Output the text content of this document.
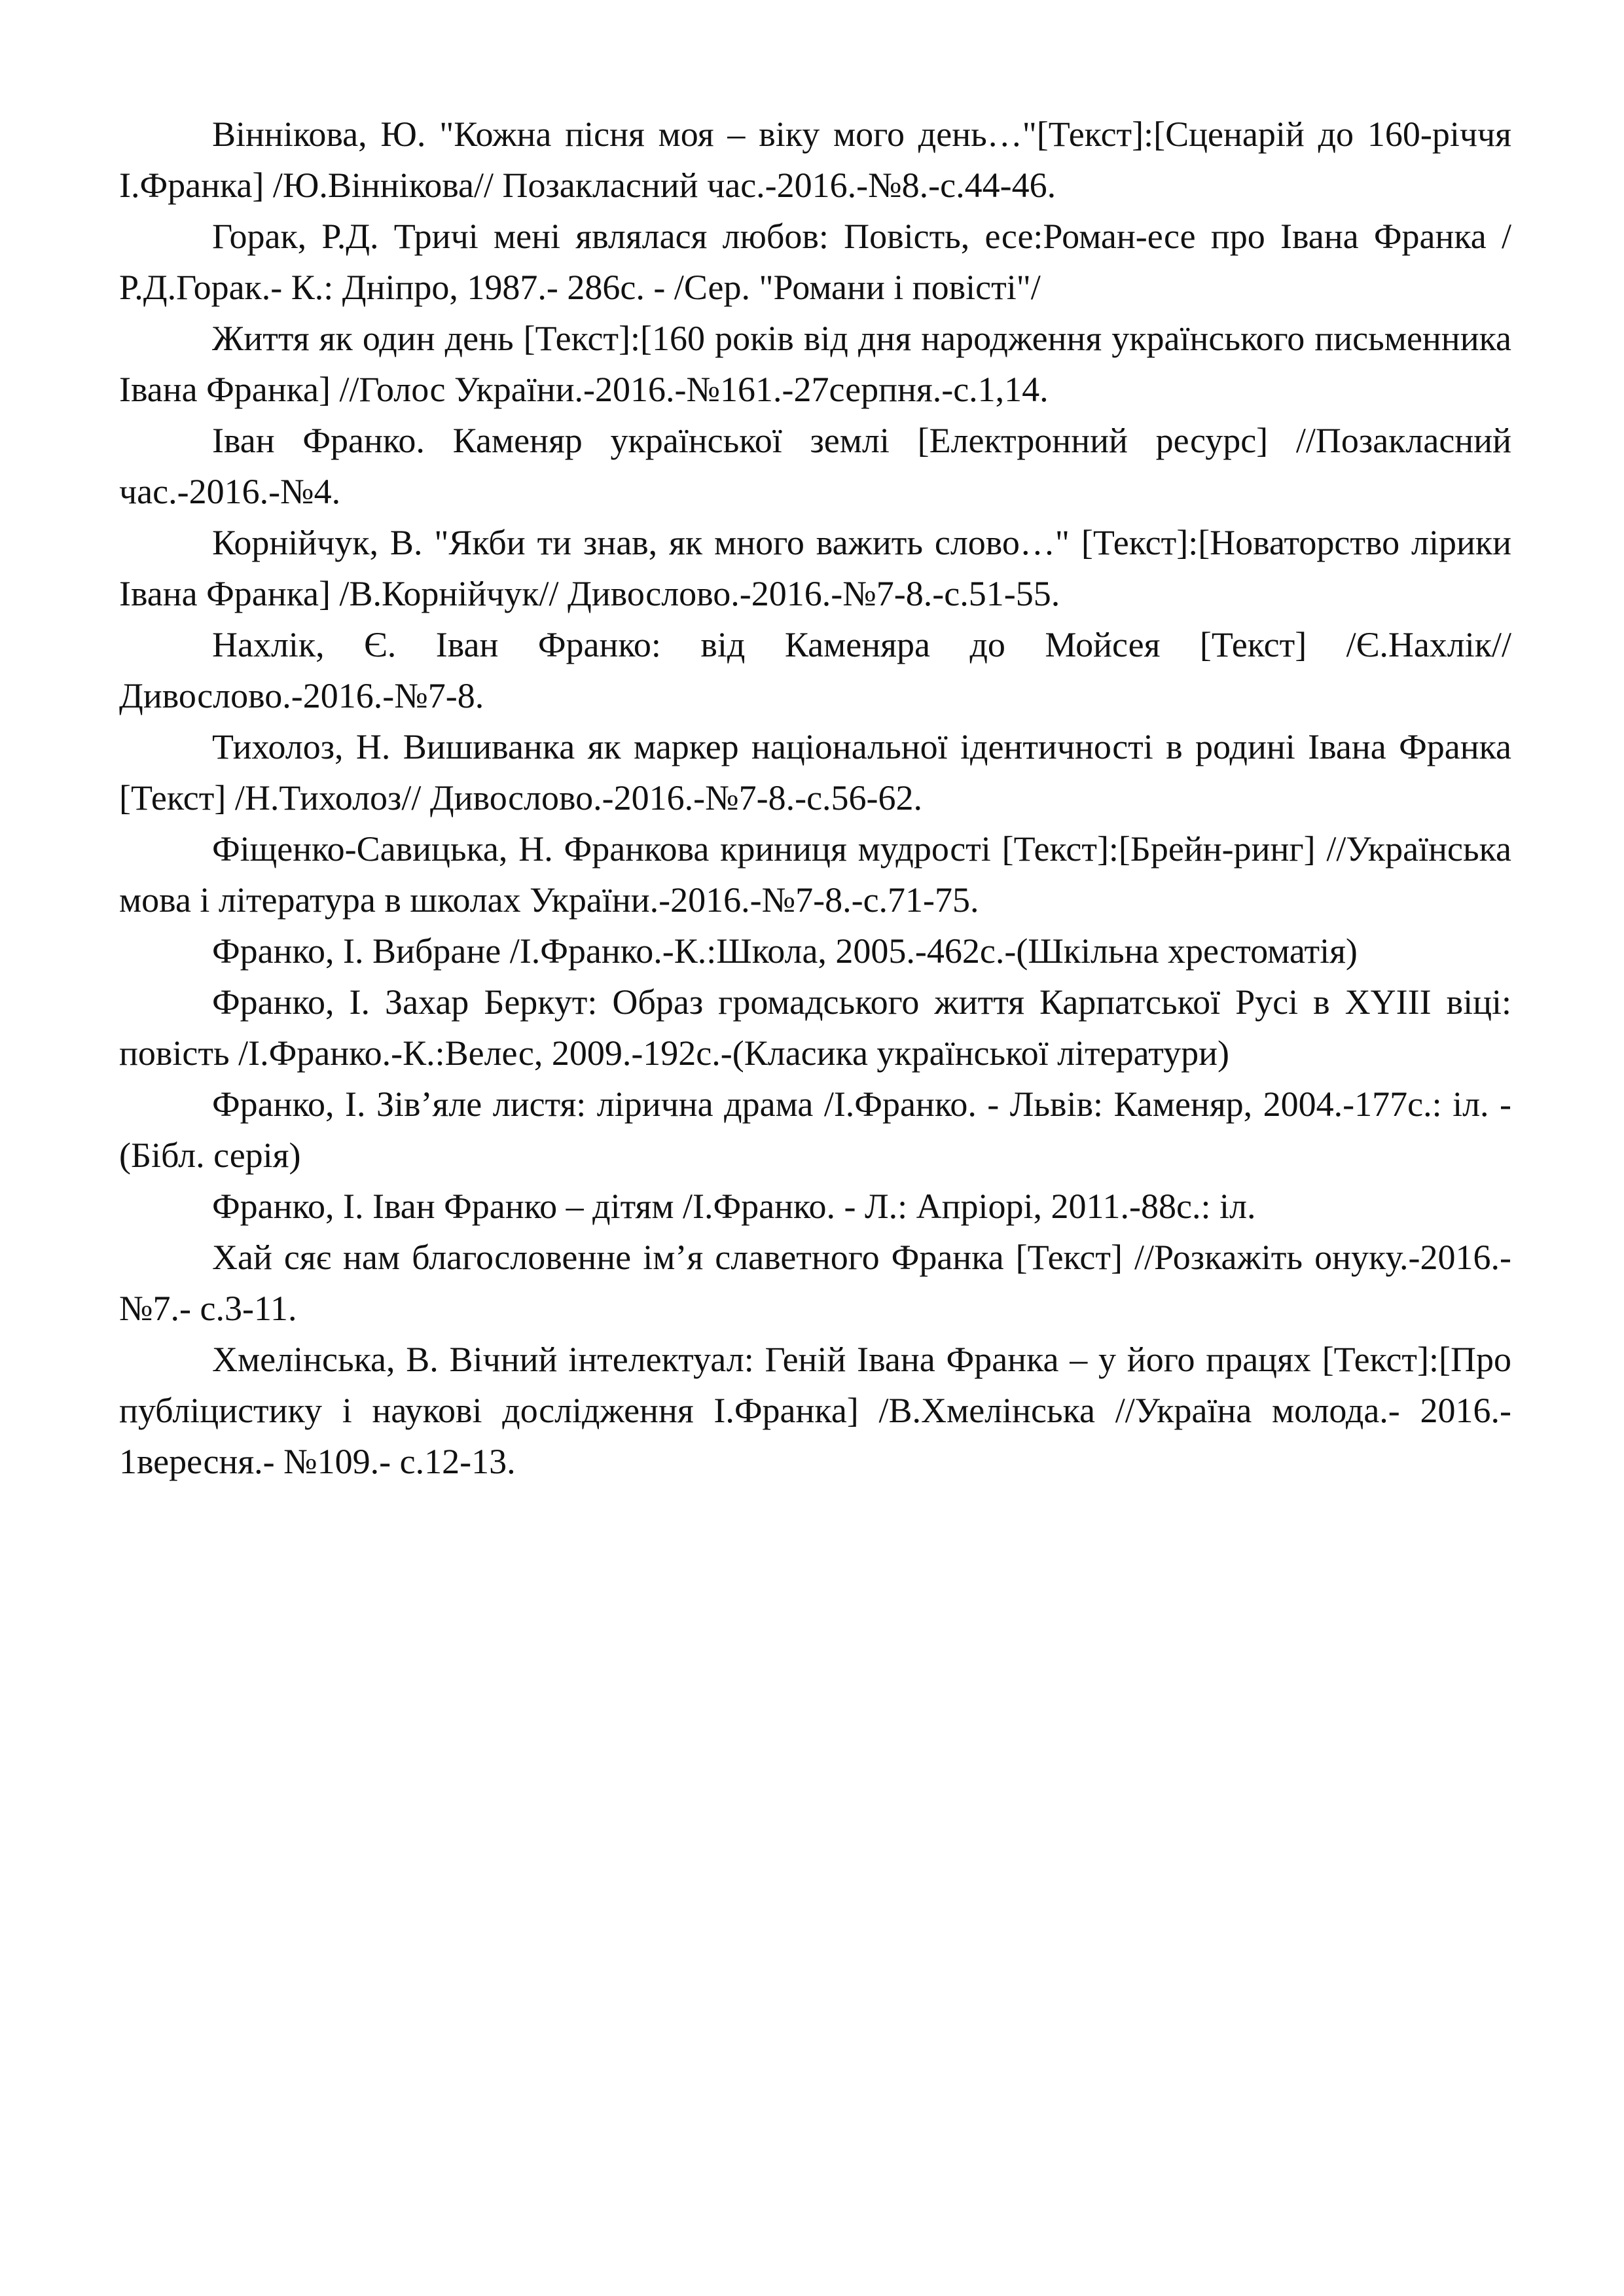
Віннікова, Ю. "Кожна пісня моя – віку мого день…"[Текст]:[Сценарій до 160-річчя І.Франка] /Ю.Віннікова// Позакласний час.-2016.-№8.-с.44-46.

Горак, Р.Д. Тричі мені являлася любов: Повість, есе:Роман-есе про Івана Франка /Р.Д.Горак.- К.: Дніпро, 1987.- 286с. - /Сер. "Романи і повісті"/

Життя як один день [Текст]:[160 років від дня народження українського письменника Івана Франка] //Голос України.-2016.-№161.-27серпня.-с.1,14.

Іван Франко. Каменяр української землі [Електронний ресурс] //Позакласний час.-2016.-№4.

Корнійчук, В. "Якби ти знав, як много важить слово…" [Текст]:[Новаторство лірики Івана Франка] /В.Корнійчук// Дивослово.-2016.-№7-8.-с.51-55.

Нахлік, Є. Іван Франко: від Каменяра до Мойсея [Текст] /Є.Нахлік// Дивослово.-2016.-№7-8.

Тихолоз, Н. Вишиванка як маркер національної ідентичності в родині Івана Франка [Текст] /Н.Тихолоз// Дивослово.-2016.-№7-8.-с.56-62.

Фіщенко-Савицька, Н. Франкова криниця мудрості [Текст]:[Брейн-ринг] //Українська мова і література в школах України.-2016.-№7-8.-с.71-75.

Франко, І. Вибране /І.Франко.-К.:Школа, 2005.-462с.-(Шкільна хрестоматія)

Франко, І. Захар Беркут: Образ громадського життя Карпатської Русі в XYIII віці: повість /І.Франко.-К.:Велес, 2009.-192с.-(Класика української літератури)

Франко, І. Зів’яле листя: лірична драма /І.Франко. - Львів: Каменяр, 2004.-177с.: іл. -(Бібл. серія)

Франко, І. Іван Франко – дітям /І.Франко. - Л.: Апріорі, 2011.-88с.: іл.

Хай сяє нам благословенне ім’я славетного Франка [Текст] //Розкажіть онуку.-2016.-№7.- с.3-11.

Хмелінська, В. Вічний інтелектуал: Геній Івана Франка – у його працях [Текст]:[Про публіцистику і наукові дослідження І.Франка] /В.Хмелінська //Україна молода.- 2016.- 1вересня.- №109.- с.12-13.
